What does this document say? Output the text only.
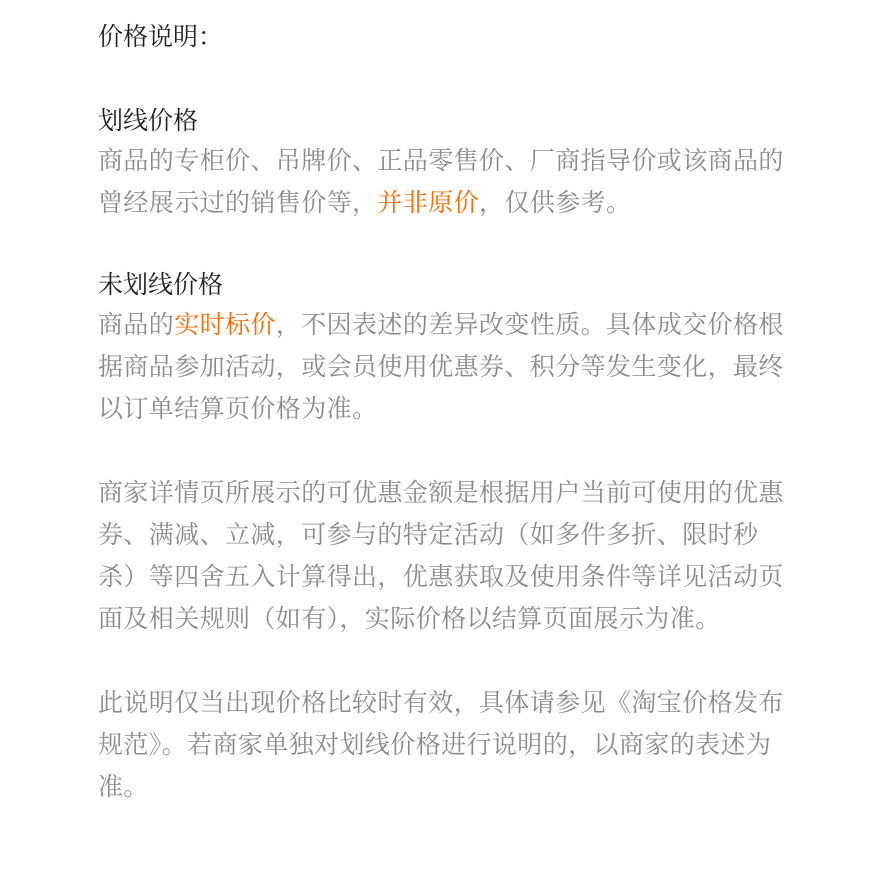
价格说明：

划线价格

商品的专柜价、吊牌价、正品零售价、厂商指导价或该商品的曾经展示过的销售价等，并非原价，仅供参考。

未划线价格

商品的实时标价，不因表述的差异改变性质。具体成交价格根据商品参加活动，或会员使用优惠券、积分等发生变化，最终以订单结算页价格为准。

商家详情页所展示的可优惠金额是根据用户当前可使用的优惠券、满减、立减，可参与的特定活动（如多件多折、限时秒杀）等四舍五入计算得出，优惠获取及使用条件等详见活动页面及相关规则（如有），实际价格以结算页面展示为准。

此说明仅当出现价格比较时有效，具体请参见《淘宝价格发布规范》。若商家单独对划线价格进行说明的，以商家的表述为准。
